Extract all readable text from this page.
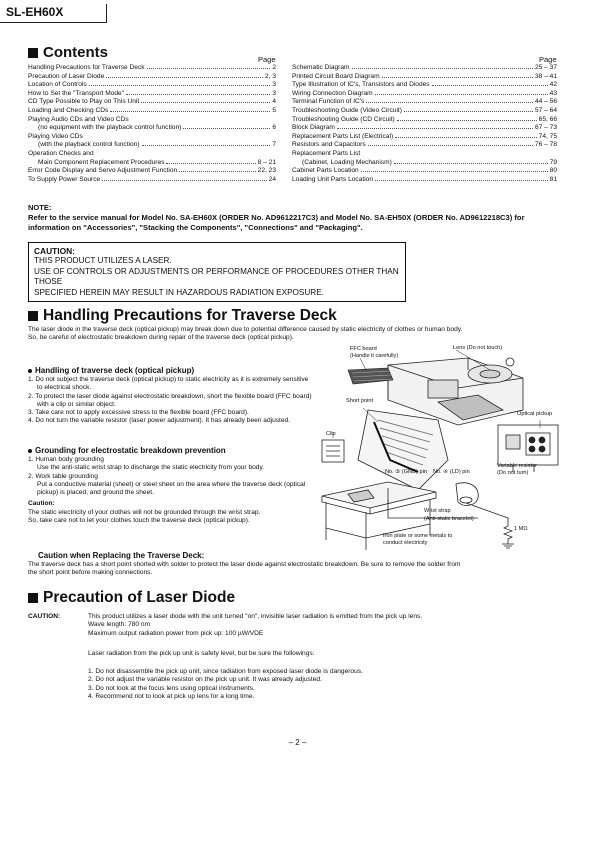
SL-EH60X
Contents	Page	Page
Handling Precautions for Traverse Deck	2
Precaution of Laser Diode	2, 3
Location of Controls	3
How to Set the "Transport Mode"	3
CD Type Possible to Play on This Unit	4
Loading and Checking CDs	5
Playing Audio CDs and Video CDs
(no equipment with the playback control function)	6
Playing Video CDs
(with the playback control function)	7
Operation Checks and
Main Component Replacement Procedures	8 – 21
Error Code Display and Servo Adjustment Function	22, 23
To Supply Power Source	24
Schematic Diagram	25 – 37
Printed Circuit Board Diagram	38 – 41
Type Illustration of IC's, Transistors and Diodes	42
Wiring Connection Diagram	43
Terminal Function of IC's	44 – 56
Troubleshooting Guide (Video Circuit)	57 – 64
Troubleshooting Guide (CD Circuit)	65, 66
Block Diagram	67 – 73
Replacement Parts List (Electrical)	74, 75
Resistors and Capacitors	76 – 78
Replacement Parts List
(Cabinet, Loading Mechanism)	79
Cabinet Parts Location	80
Loading Unit Parts Location	81
NOTE:
Refer to the service manual for Model No. SA-EH60X (ORDER No. AD9612217C3) and Model No. SA-EH50X (ORDER No. AD9612218C3) for information on "Accessories", "Stacking the Components", "Connections" and "Packaging".
CAUTION:
THIS PRODUCT UTILIZES A LASER.
USE OF CONTROLS OR ADJUSTMENTS OR PERFORMANCE OF PROCEDURES OTHER THAN THOSE
SPECIFIED HEREIN MAY RESULT IN HAZARDOUS RADIATION EXPOSURE.
Handling Precautions for Traverse Deck
The laser diode in the traverse deck (optical pickup) may break down due to potential difference caused by static electricity of clothes or human body.
So, be careful of electrostatic breakdown during repair of the traverse deck (optical pickup).
Handling of traverse deck (optical pickup)
1. Do not subject the traverse deck (optical pickup) to static electricity as it is extremely sensitive to electrical shock.
2. To protect the laser diode against electrostatic breakdown, short the flexible board (FFC board) with a clip or similar object.
3. Take care not to apply excessive stress to the flexible board (FFC board).
4. Do not turn the variable resistor (laser power adjustment). It has already been adjusted.
Grounding for electrostatic breakdown prevention
1. Human body grounding
Use the anti-static wrist strap to discharge the static electricity from your body.
2. Work table grounding
Put a conductive material (sheet) or steel sheet on the area where the traverse deck (optical pickup) is placed, and ground the sheet.
Caution:
The static electricity of your clothes will not be grounded through the wrist strap.
So, take care not to let your clothes touch the traverse deck (optical pickup).
Caution when Replacing the Traverse Deck:
The traverse deck has a short point shorted with solder to protect the laser diode against electrostatic breakdown. Be sure to remove the solder from
the short point before making connections.
FFC board
(Handle it carefully)
Lens (Do not touch)
Short point
Optical pickup
Clip
No. ⑤ (GND) pin No. ④ (LD) pin
Variable resistor
(Do not turn)
Wrist strap
(Anti-static bracelet)
1 MΩ
Iron plate or some metals to
conduct electricity
Precaution of Laser Diode
CAUTION:	This product utilizes a laser diode with the unit turned "on", invisible laser radiation is emitted from the pick up lens.
Wave length: 780 nm
Maximum output radiation power from pick up: 100 µW/VDE
Laser radiation from the pick up unit is safety level, but be sure the followings:
1. Do not disassemble the pick up unit, since radiation from exposed laser diode is dangerous.
2. Do not adjust the variable resistor on the pick up unit. It was already adjusted.
3. Do not look at the focus lens using optical instruments.
4. Recommend not to look at pick up lens for a long time.
– 2 –
